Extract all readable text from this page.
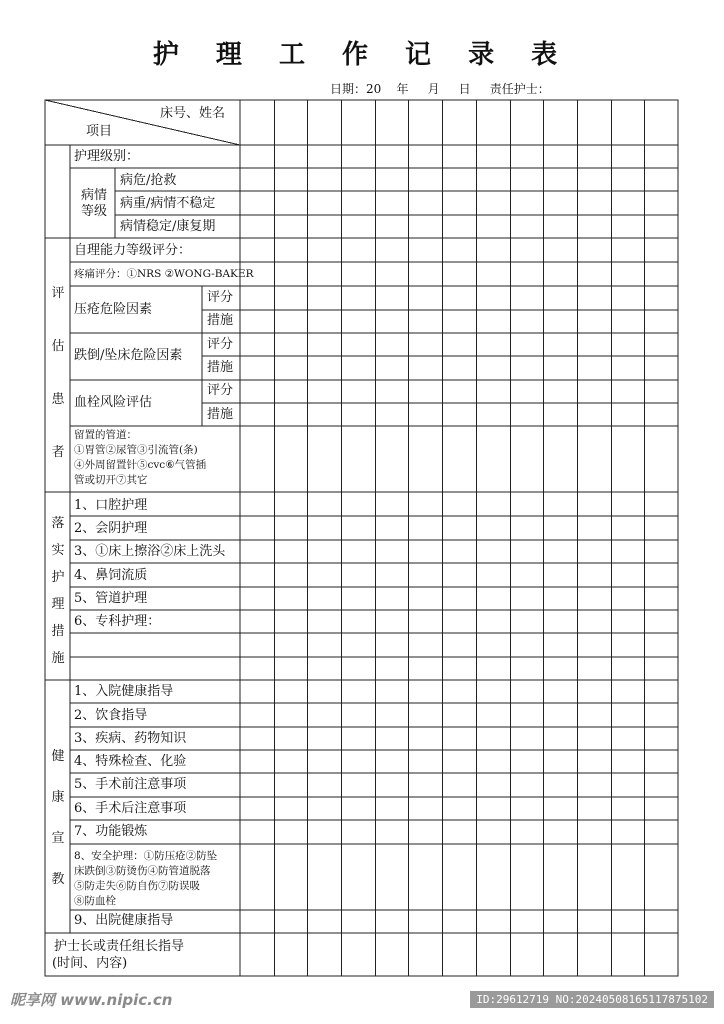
护 理 工 作 记 录 表
日期：20    年     月     日     责任护士：
床号、姓名
项目
护理级别：
病情
等级
病危/抢救
病重/病情不稳定
病情稳定/康复期
评
估
患
者
自理能力等级评分：
疼痛评分：①NRS ②WONG-BAKER
压疮危险因素
跌倒/坠床危险因素
血栓风险评估
评分
措施
评分
措施
评分
措施
留置的管道：
①胃管②尿管③引流管(条)
④外周留置针⑤cvc⑥气管插
管或切开⑦其它
落
实
护
理
措
施
1、口腔护理
2、会阴护理
3、①床上擦浴②床上洗头
4、鼻饲流质
5、管道护理
6、专科护理：
健
康
宣
教
1、入院健康指导
2、饮食指导
3、疾病、药物知识
4、特殊检查、化验
5、手术前注意事项
6、手术后注意事项
7、功能锻炼
8、安全护理：①防压疮②防坠
床跌倒③防烫伤④防管道脱落
⑤防走失⑥防自伤⑦防误吸
⑧防血栓
9、出院健康指导
护士长或责任组长指导
(时间、内容)
昵享网 www.nipic.cn	ID:29612719 NO:20240508165117875102
